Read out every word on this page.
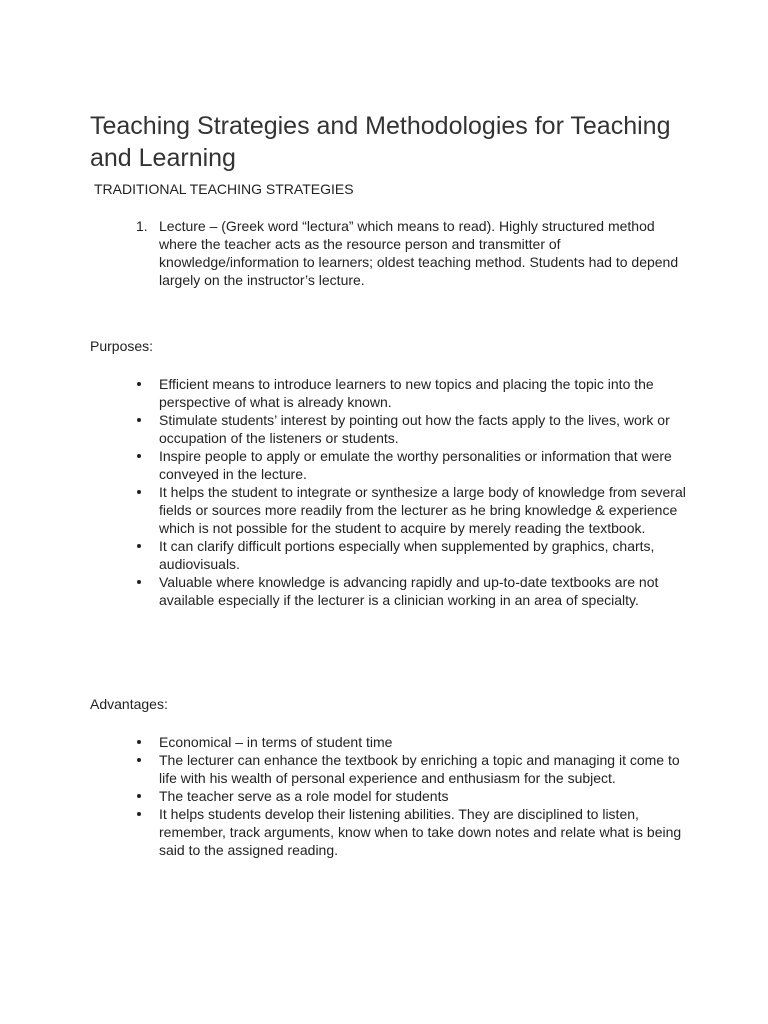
Teaching Strategies and Methodologies for Teaching and Learning
TRADITIONAL TEACHING STRATEGIES
1. Lecture – (Greek word “lectura” which means to read). Highly structured method where the teacher acts as the resource person and transmitter of knowledge/information to learners; oldest teaching method. Students had to depend largely on the instructor’s lecture.
Purposes:
Efficient means to introduce learners to new topics and placing the topic into the perspective of what is already known.
Stimulate students’ interest by pointing out how the facts apply to the lives, work or occupation of the listeners or students.
Inspire people to apply or emulate the worthy personalities or information that were conveyed in the lecture.
It helps the student to integrate or synthesize a large body of knowledge from several fields or sources more readily from the lecturer as he bring knowledge & experience which is not possible for the student to acquire by merely reading the textbook.
It can clarify difficult portions especially when supplemented by graphics, charts, audiovisuals.
Valuable where knowledge is advancing rapidly and up-to-date textbooks are not available especially if the lecturer is a clinician working in an area of specialty.
Advantages:
Economical – in terms of student time
The lecturer can enhance the textbook by enriching a topic and managing it come to life with his wealth of personal experience and enthusiasm for the subject.
The teacher serve as a role model for students
It helps students develop their listening abilities. They are disciplined to listen, remember, track arguments, know when to take down notes and relate what is being said to the assigned reading.
